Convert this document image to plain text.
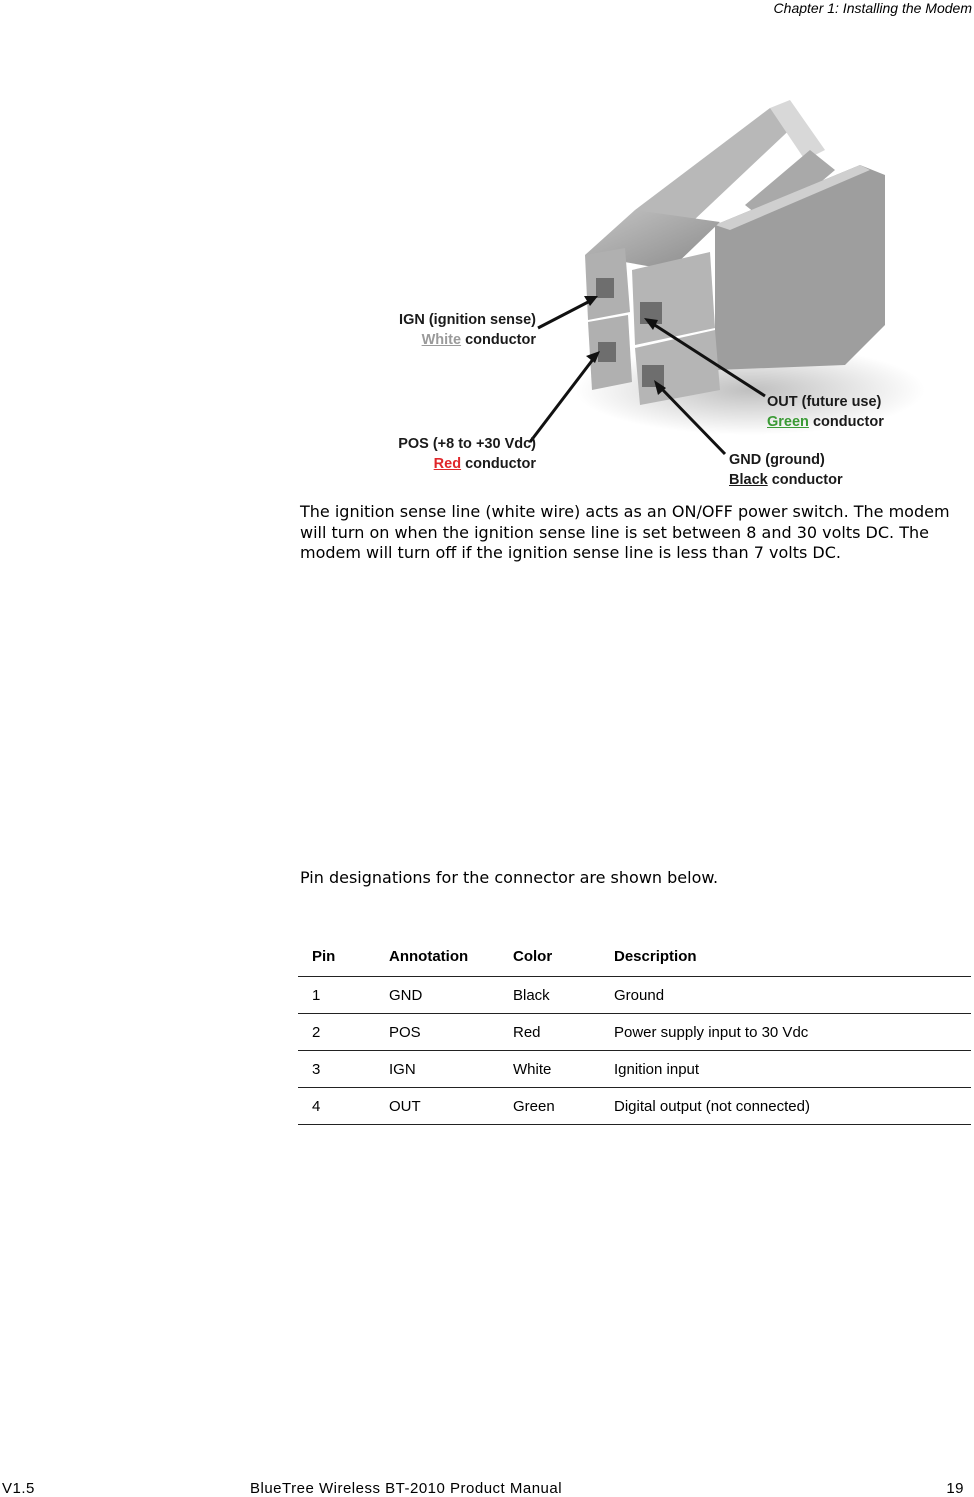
Chapter 1: Installing the Modem
IGN (ignition sense)
White conductor
POS (+8 to +30 Vdc)
Red conductor
OUT (future use)
Green conductor
GND (ground)
Black conductor
The ignition sense line (white wire) acts as an ON/OFF power switch. The modem will turn on when the ignition sense line is set between 8 and 30 volts DC. The modem will turn off if the ignition sense line is less than 7 volts DC.
Pin designations for the connector are shown below.
Pin	Annotation	Color	Description
1	GND	Black	Ground
2	POS	Red	Power supply input to 30 Vdc
3	IGN	White	Ignition input
4	OUT	Green	Digital output (not connected)
V1.5	BlueTree Wireless BT-2010 Product Manual	19
